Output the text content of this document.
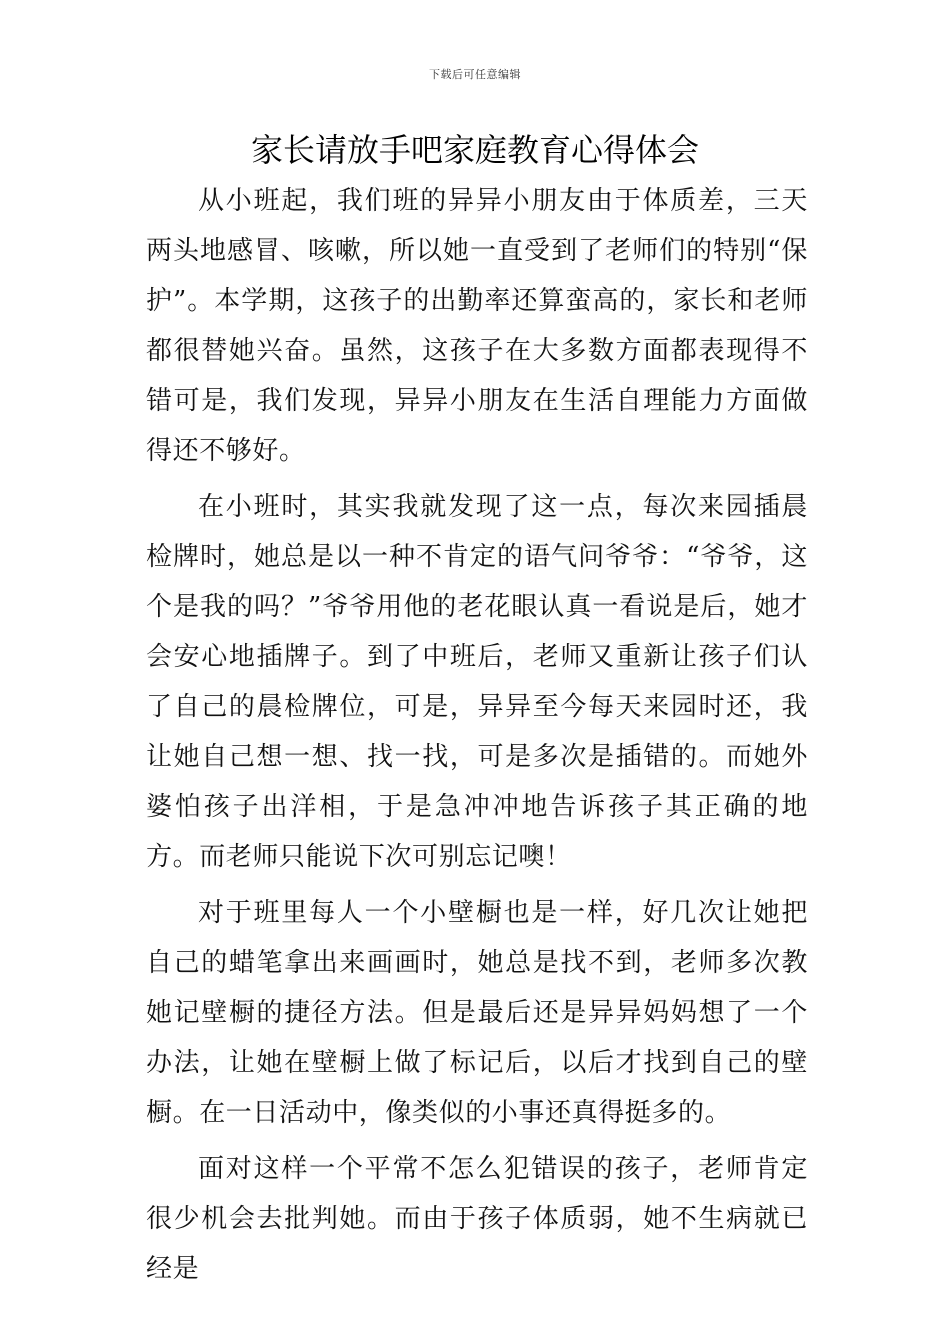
下载后可任意编辑
家长请放手吧家庭教育心得体会

从小班起，我们班的异异小朋友由于体质差，三天两头地感冒、咳嗽，所以她一直受到了老师们的特别“保护”。本学期，这孩子的出勤率还算蛮高的，家长和老师都很替她兴奋。虽然，这孩子在大多数方面都表现得不错可是，我们发现，异异小朋友在生活自理能力方面做得还不够好。

在小班时，其实我就发现了这一点，每次来园插晨检牌时，她总是以一种不肯定的语气问爷爷：“爷爷，这个是我的吗？”爷爷用他的老花眼认真一看说是后，她才会安心地插牌子。到了中班后，老师又重新让孩子们认了自己的晨检牌位，可是，异异至今每天来园时还，我让她自己想一想、找一找，可是多次是插错的。而她外婆怕孩子出洋相，于是急冲冲地告诉孩子其正确的地方。而老师只能说下次可别忘记噢！

对于班里每人一个小壁橱也是一样，好几次让她把自己的蜡笔拿出来画画时，她总是找不到，老师多次教她记壁橱的捷径方法。但是最后还是异异妈妈想了一个办法，让她在壁橱上做了标记后，以后才找到自己的壁橱。在一日活动中，像类似的小事还真得挺多的。

面对这样一个平常不怎么犯错误的孩子，老师肯定很少机会去批判她。而由于孩子体质弱，她不生病就已经是
